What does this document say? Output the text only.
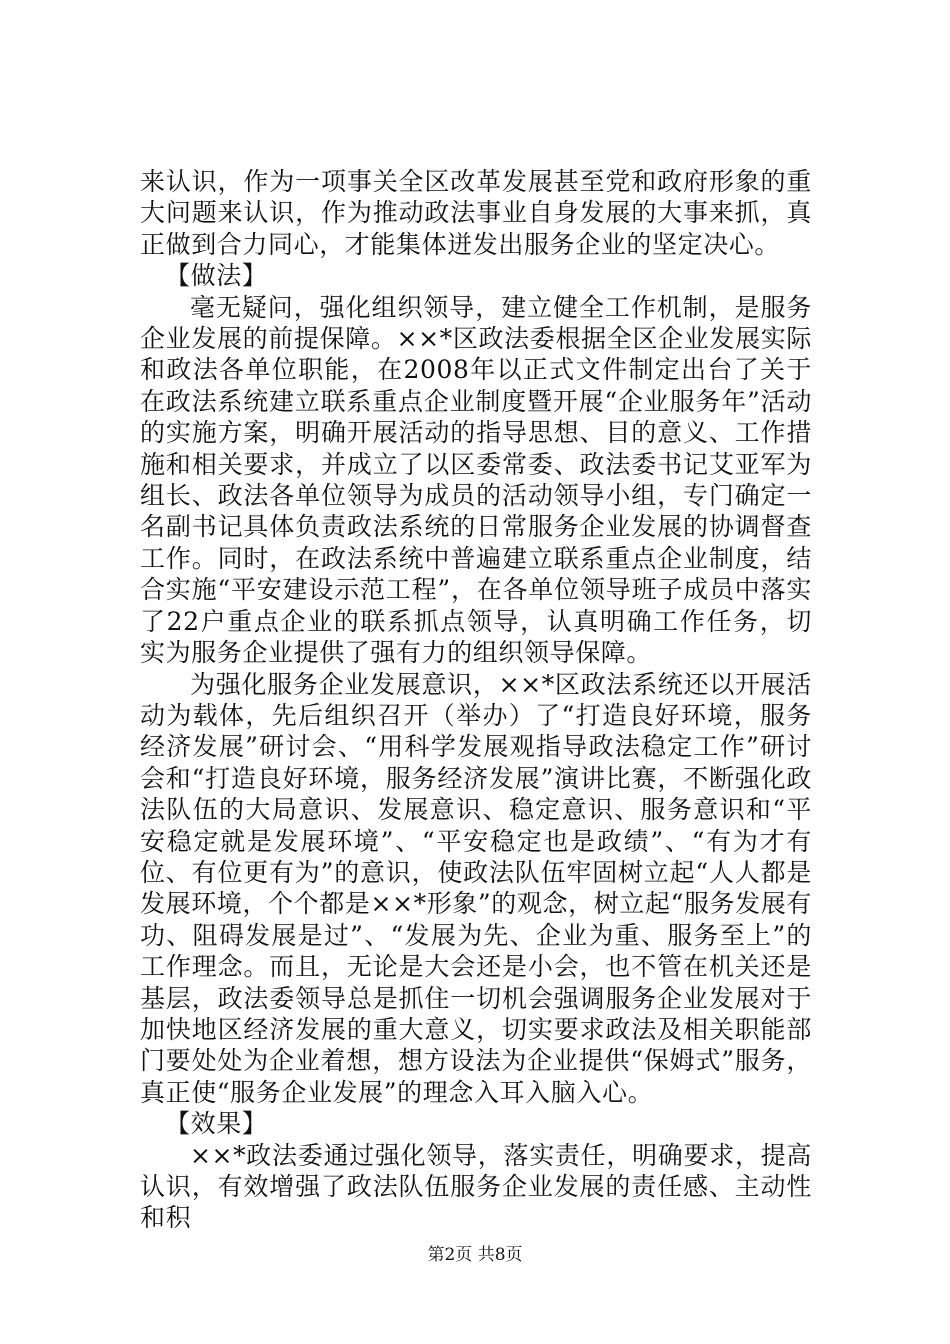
来认识，作为一项事关全区改革发展甚至党和政府形象的重大问题来认识，作为推动政法事业自身发展的大事来抓，真正做到合力同心，才能集体迸发出服务企业的坚定决心。

【做法】

毫无疑问，强化组织领导，建立健全工作机制，是服务企业发展的前提保障。××*区政法委根据全区企业发展实际和政法各单位职能，在2008年以正式文件制定出台了关于在政法系统建立联系重点企业制度暨开展“企业服务年”活动的实施方案，明确开展活动的指导思想、目的意义、工作措施和相关要求，并成立了以区委常委、政法委书记艾亚军为组长、政法各单位领导为成员的活动领导小组，专门确定一名副书记具体负责政法系统的日常服务企业发展的协调督查工作。同时，在政法系统中普遍建立联系重点企业制度，结合实施“平安建设示范工程”，在各单位领导班子成员中落实了22户重点企业的联系抓点领导，认真明确工作任务，切实为服务企业提供了强有力的组织领导保障。

为强化服务企业发展意识，××*区政法系统还以开展活动为载体，先后组织召开（举办）了“打造良好环境，服务经济发展”研讨会、“用科学发展观指导政法稳定工作”研讨会和“打造良好环境，服务经济发展”演讲比赛，不断强化政法队伍的大局意识、发展意识、稳定意识、服务意识和“平安稳定就是发展环境”、“平安稳定也是政绩”、“有为才有位、有位更有为”的意识，使政法队伍牢固树立起“人人都是发展环境，个个都是××*形象”的观念，树立起“服务发展有功、阻碍发展是过”、“发展为先、企业为重、服务至上”的工作理念。而且，无论是大会还是小会，也不管在机关还是基层，政法委领导总是抓住一切机会强调服务企业发展对于加快地区经济发展的重大意义，切实要求政法及相关职能部门要处处为企业着想，想方设法为企业提供“保姆式”服务，真正使“服务企业发展”的理念入耳入脑入心。

【效果】

××*政法委通过强化领导，落实责任，明确要求，提高认识，有效增强了政法队伍服务企业发展的责任感、主动性和积

第2页 共8页
